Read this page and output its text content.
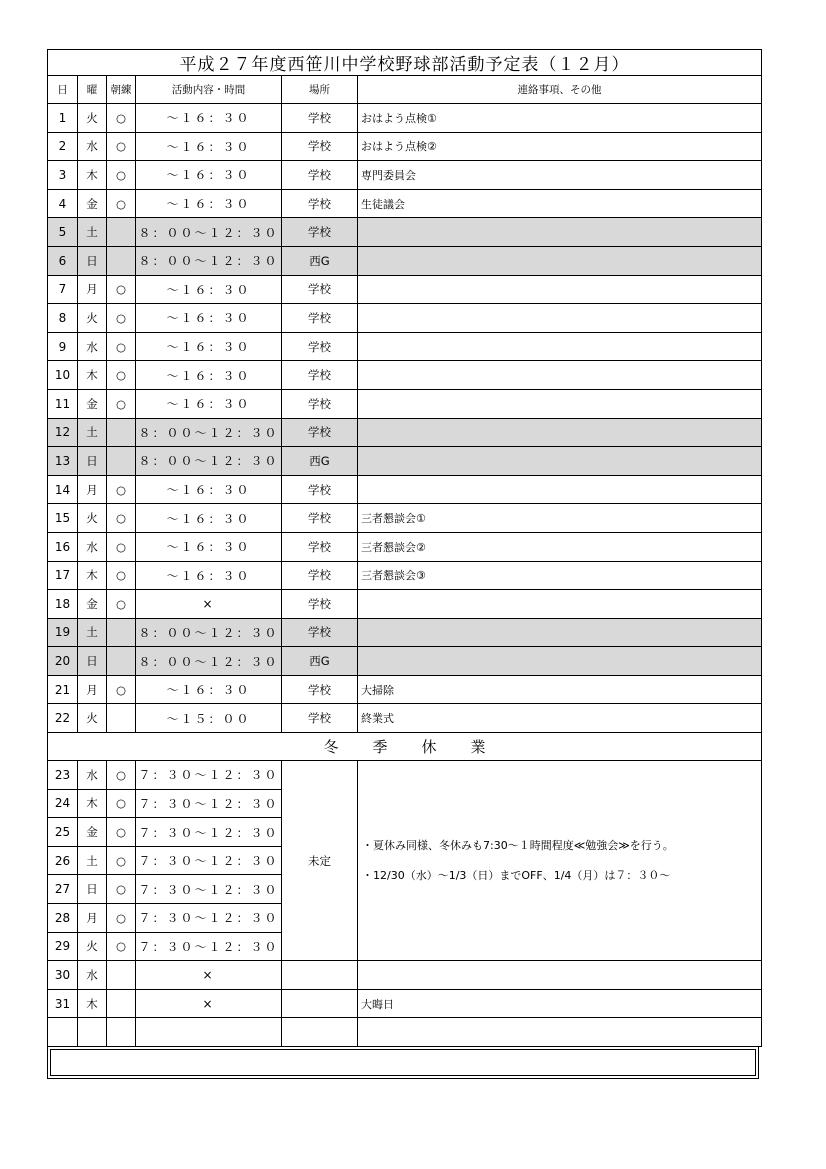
平成２７年度西笹川中学校野球部活動予定表（１２月）					
日	曜	朝練	活動内容・時間	場所	連絡事項、その他
1	火	○	～１６：３０	学校	おはよう点検①
2	水	○	～１６：３０	学校	おはよう点検②
3	木	○	～１６：３０	学校	専門委員会
4	金	○	～１６：３０	学校	生徒議会
5	土		８：００～１２：３０	学校	
6	日		８：００～１２：３０	西G	
7	月	○	～１６：３０	学校	
8	火	○	～１６：３０	学校	
9	水	○	～１６：３０	学校	
10	木	○	～１６：３０	学校	
11	金	○	～１６：３０	学校	
12	土		８：００～１２：３０	学校	
13	日		８：００～１２：３０	西G	
14	月	○	～１６：３０	学校	
15	火	○	～１６：３０	学校	三者懇談会①
16	水	○	～１６：３０	学校	三者懇談会②
17	木	○	～１６：３０	学校	三者懇談会③
18	金	○	×	学校	
19	土		８：００～１２：３０	学校	
20	日		８：００～１２：３０	西G	
21	月	○	～１６：３０	学校	大掃除
22	火		～１５：００	学校	終業式
冬季休業					
23	水	○	７：３０～１２：３０	未定	・夏休み同様、冬休みも7:30～１時間程度≪勉強会≫を行う。
・12/30（水）～1/3（日）までOFF、1/4（月）は７：３０～

24	木	○	７：３０～１２：３０		
25	金	○	７：３０～１２：３０		
26	土	○	７：３０～１２：３０		
27	日	○	７：３０～１２：３０		
28	月	○	７：３０～１２：３０		
29	火	○	７：３０～１２：３０		
30	水		×		
31	木		×		大晦日
